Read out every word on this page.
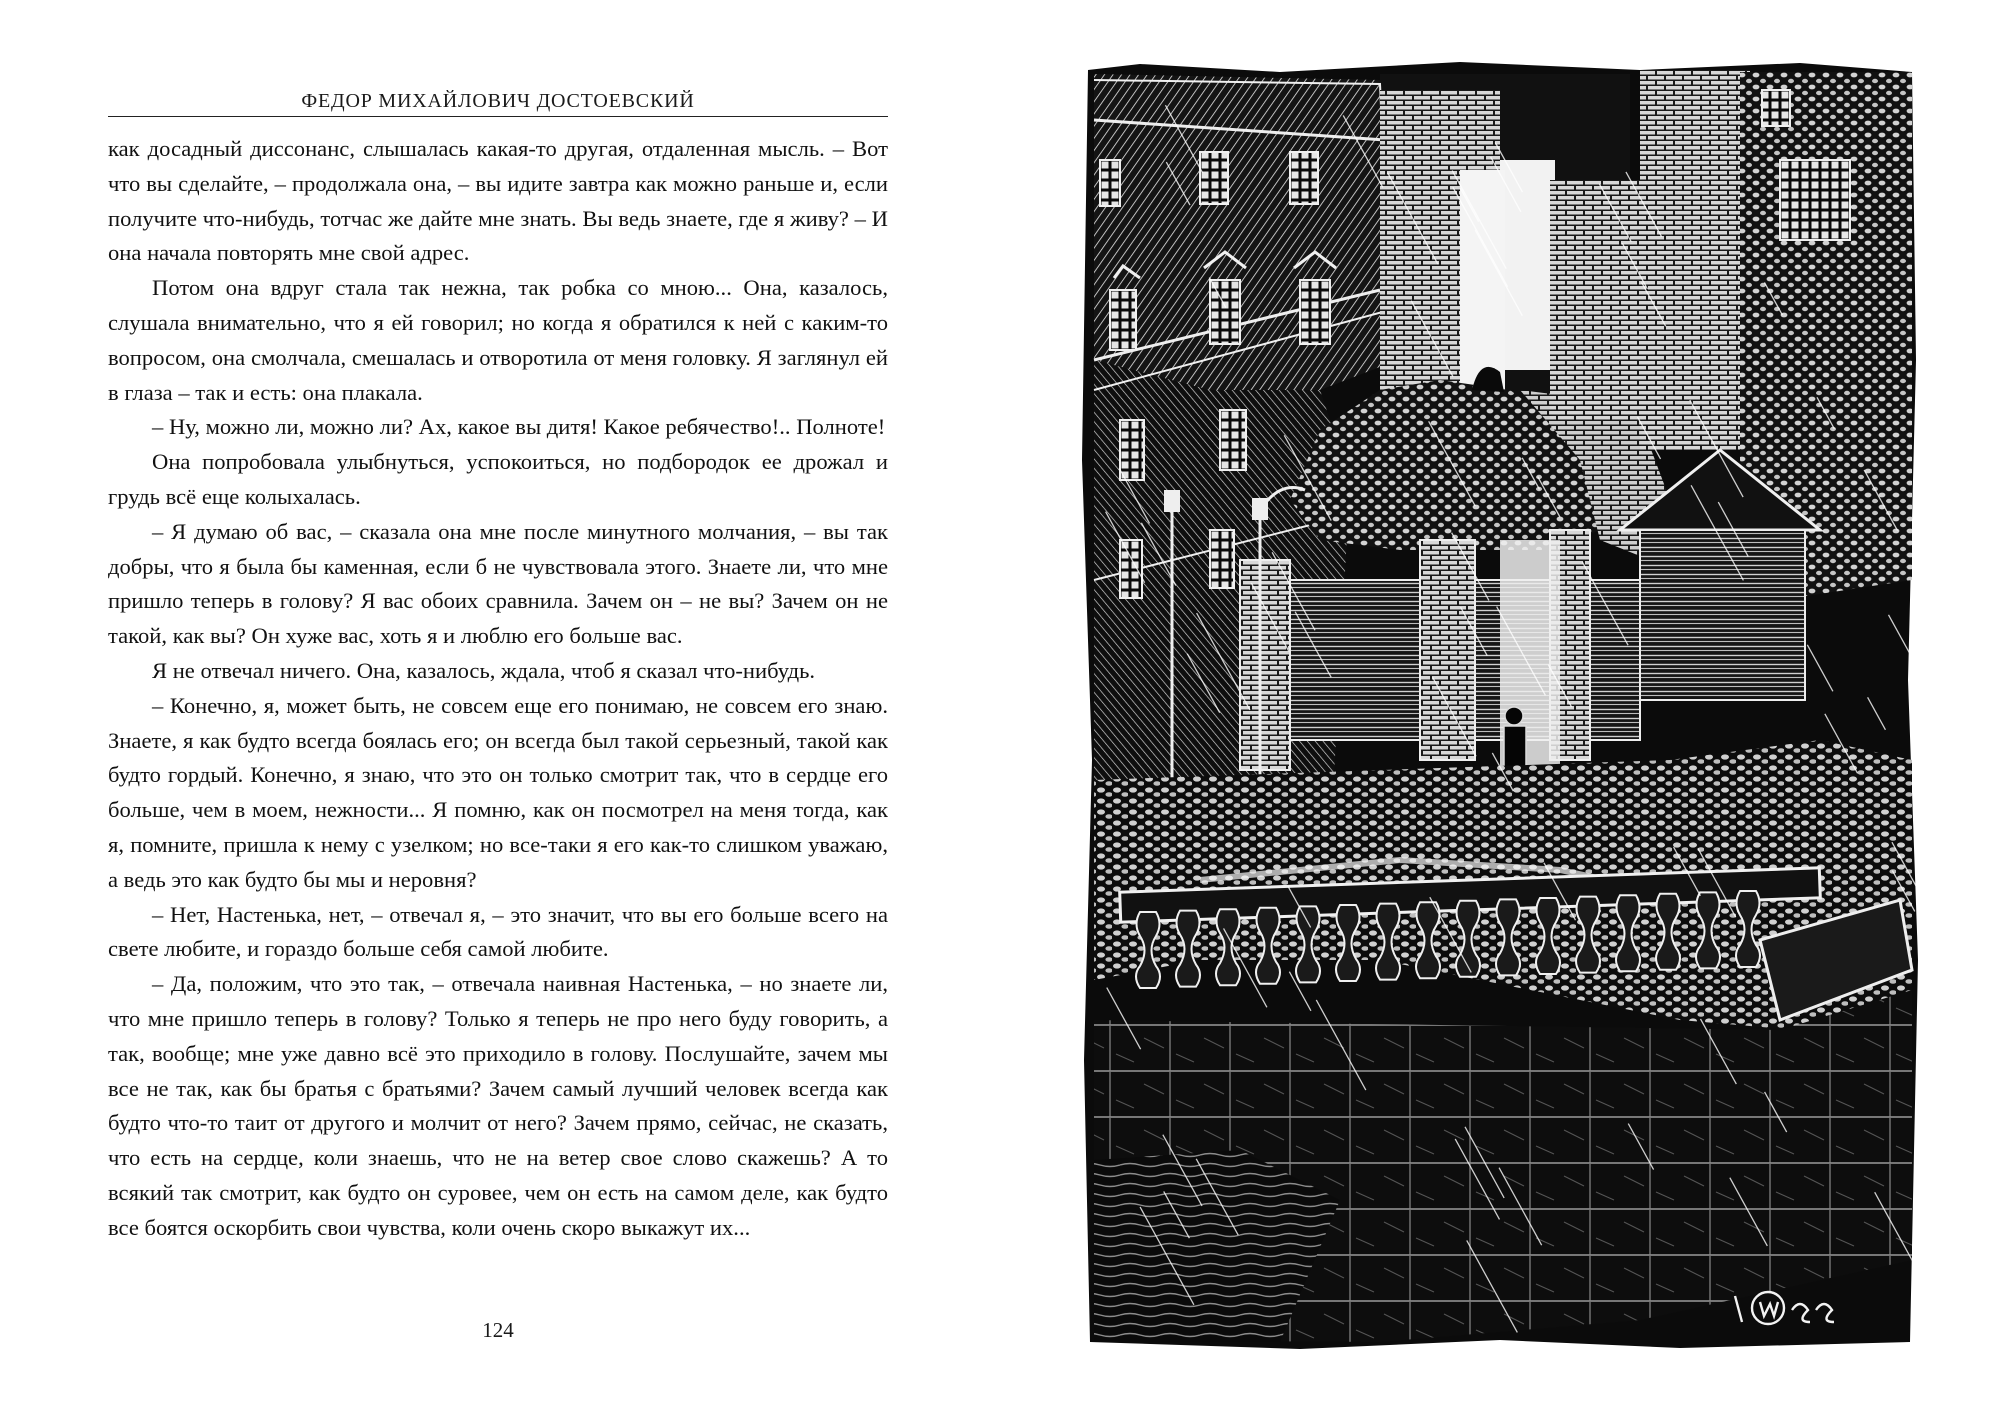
ФЕДОР МИХАЙЛОВИЧ ДОСТОЕВСКИЙ

как досадный диссонанс, слышалась какая-то другая, отдаленная мысль. – Вот что вы сделайте, – продолжала она, – вы идите завтра как можно раньше и, если получите что-нибудь, тотчас же дайте мне знать. Вы ведь знаете, где я живу? – И она начала повторять мне свой адрес.

Потом она вдруг стала так нежна, так робка со мною... Она, казалось, слушала внимательно, что я ей говорил; но когда я обратился к ней с каким-то вопросом, она смолчала, смешалась и отворотила от меня головку. Я заглянул ей в глаза – так и есть: она плакала.

– Ну, можно ли, можно ли? Ах, какое вы дитя! Какое ребячество!.. Полноте!

Она попробовала улыбнуться, успокоиться, но подбородок ее дрожал и грудь всё еще колыхалась.

– Я думаю об вас, – сказала она мне после минутного молчания, – вы так добры, что я была бы каменная, если б не чувствовала этого. Знаете ли, что мне пришло теперь в голову? Я вас обоих сравнила. Зачем он – не вы? Зачем он не такой, как вы? Он хуже вас, хоть я и люблю его больше вас.

Я не отвечал ничего. Она, казалось, ждала, чтоб я сказал что-нибудь.

– Конечно, я, может быть, не совсем еще его понимаю, не совсем его знаю. Знаете, я как будто всегда боялась его; он всегда был такой серьезный, такой как будто гордый. Конечно, я знаю, что это он только смотрит так, что в сердце его больше, чем в моем, нежности... Я помню, как он посмотрел на меня тогда, как я, помните, пришла к нему с узелком; но все-таки я его как-то слишком уважаю, а ведь это как будто бы мы и неровня?

– Нет, Настенька, нет, – отвечал я, – это значит, что вы его больше всего на свете любите, и гораздо больше себя самой любите.

– Да, положим, что это так, – отвечала наивная Настенька, – но знаете ли, что мне пришло теперь в голову? Только я теперь не про него буду говорить, а так, вообще; мне уже давно всё это приходило в голову. Послушайте, зачем мы все не так, как бы братья с братьями? Зачем самый лучший человек всегда как будто что-то таит от другого и молчит от него? Зачем прямо, сейчас, не сказать, что есть на сердце, коли знаешь, что не на ветер свое слово скажешь? А то всякий так смотрит, как будто он суровее, чем он есть на самом деле, как будто все боятся оскорбить свои чувства, коли очень скоро выкажут их...

124
